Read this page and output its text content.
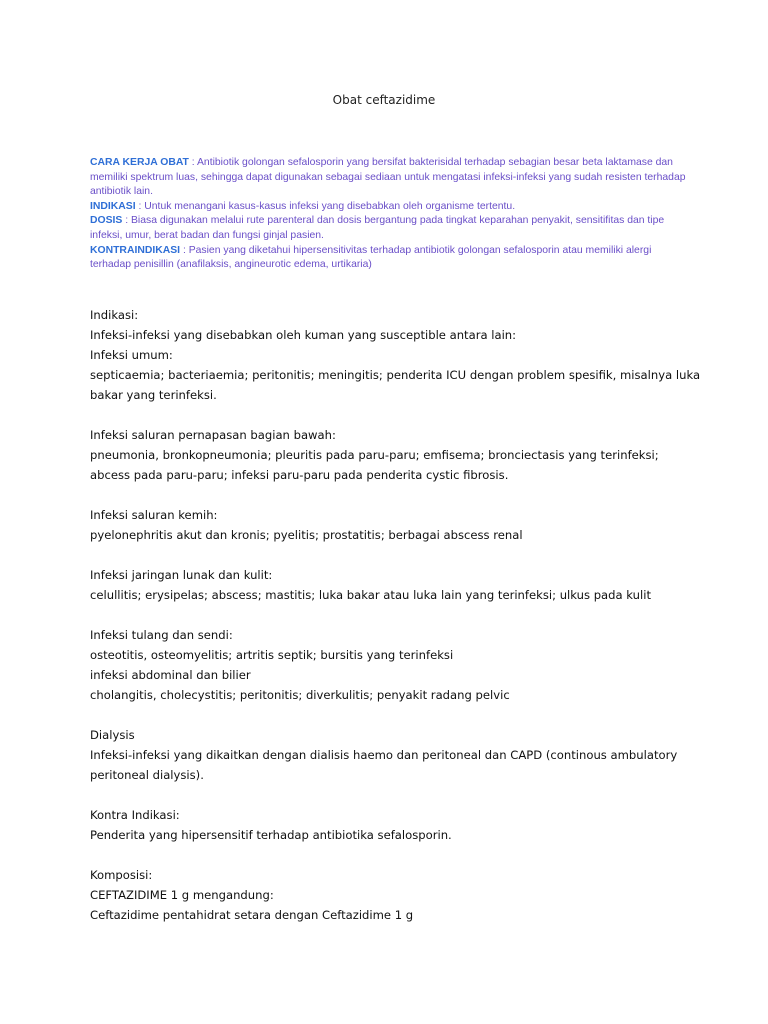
Obat ceftazidime

CARA KERJA OBAT : Antibiotik golongan sefalosporin yang bersifat bakterisidal terhadap sebagian besar beta laktamase dan memiliki spektrum luas, sehingga dapat digunakan sebagai sediaan untuk mengatasi infeksi-infeksi yang sudah resisten terhadap antibiotik lain.

INDIKASI : Untuk menangani kasus-kasus infeksi yang disebabkan oleh organisme tertentu.

DOSIS : Biasa digunakan melalui rute parenteral dan dosis bergantung pada tingkat keparahan penyakit, sensitifitas dan tipe infeksi, umur, berat badan dan fungsi ginjal pasien.

KONTRAINDIKASI : Pasien yang diketahui hipersensitivitas terhadap antibiotik golongan sefalosporin atau memiliki alergi terhadap penisillin (anafilaksis, angineurotic edema, urtikaria)

Indikasi:
Infeksi-infeksi yang disebabkan oleh kuman yang susceptible antara lain:
Infeksi umum:
septicaemia; bacteriaemia; peritonitis; meningitis; penderita ICU dengan problem spesifik, misalnya luka
bakar yang terinfeksi.
Infeksi saluran pernapasan bagian bawah:
pneumonia, bronkopneumonia; pleuritis pada paru-paru; emfisema; bronciectasis yang terinfeksi;
abcess pada paru-paru; infeksi paru-paru pada penderita cystic fibrosis.
Infeksi saluran kemih:
pyelonephritis akut dan kronis; pyelitis; prostatitis; berbagai abscess renal
Infeksi jaringan lunak dan kulit:
celullitis; erysipelas; abscess; mastitis; luka bakar atau luka lain yang terinfeksi; ulkus pada kulit
Infeksi tulang dan sendi:
osteotitis, osteomyelitis; artritis septik; bursitis yang terinfeksi
infeksi abdominal dan bilier
cholangitis, cholecystitis; peritonitis; diverkulitis; penyakit radang pelvic
Dialysis
Infeksi-infeksi yang dikaitkan dengan dialisis haemo dan peritoneal dan CAPD (continous ambulatory
peritoneal dialysis).
Kontra Indikasi:
Penderita yang hipersensitif terhadap antibiotika sefalosporin.
Komposisi:
CEFTAZIDIME 1 g mengandung:
Ceftazidime pentahidrat setara dengan Ceftazidime 1 g
